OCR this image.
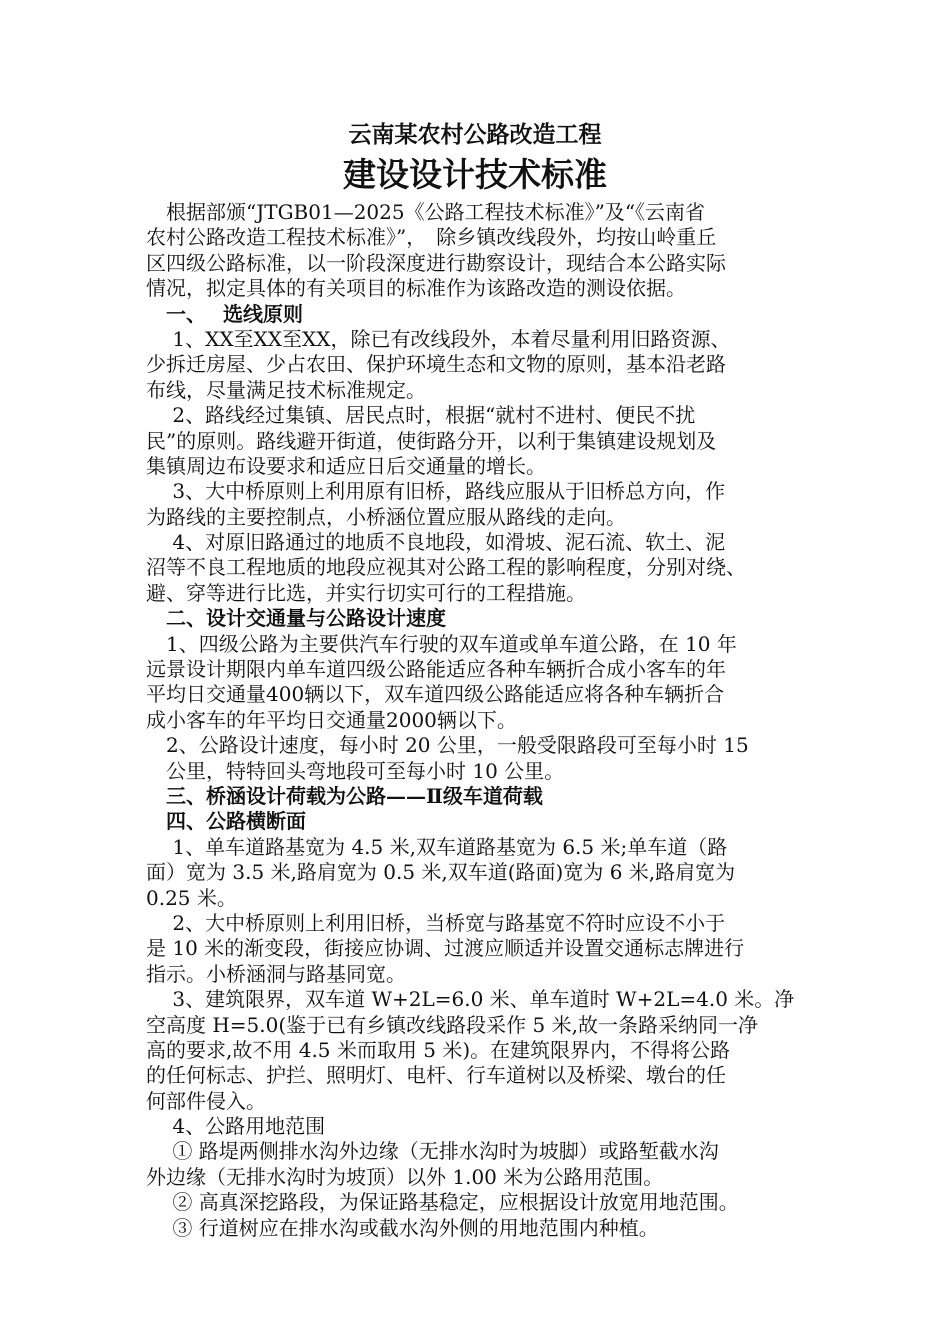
云南某农村公路改造工程
建设设计技术标准
　根据部颁“JTGB01—2025《公路工程技术标准》”及“《云南省
农村公路改造工程技术标准》”，　除乡镇改线段外，均按山岭重丘
区四级公路标准，以一阶段深度进行勘察设计，现结合本公路实际
情况，拟定具体的有关项目的标准作为该路改造的测设依据。
　一、　 选线原则
　 1、XX至XX至XX，除已有改线段外，本着尽量利用旧路资源、
少拆迁房屋、少占农田、保护环境生态和文物的原则，基本沿老路
布线，尽量满足技术标准规定。
　 2、路线经过集镇、居民点时，根据“就村不进村、便民不扰
民”的原则。路线避开街道，使街路分开，以利于集镇建设规划及
集镇周边布设要求和适应日后交通量的增长。
　 3、大中桥原则上利用原有旧桥，路线应服从于旧桥总方向，作
为路线的主要控制点，小桥涵位置应服从路线的走向。
　 4、对原旧路通过的地质不良地段，如滑坡、泥石流、软土、泥
沼等不良工程地质的地段应视其对公路工程的影响程度，分别对绕、
避、穿等进行比选，并实行切实可行的工程措施。
　二、设计交通量与公路设计速度
　1、四级公路为主要供汽车行驶的双车道或单车道公路，在 10 年
远景设计期限内单车道四级公路能适应各种车辆折合成小客车的年
平均日交通量400辆以下，双车道四级公路能适应将各种车辆折合
成小客车的年平均日交通量2000辆以下。
　2、公路设计速度，每小时 20 公里，一般受限路段可至每小时 15
　公里，特特回头弯地段可至每小时 10 公里。
　三、桥涵设计荷载为公路——Ⅱ级车道荷载
　四、公路横断面
　 1、单车道路基宽为 4.5 米,双车道路基宽为 6.5 米;单车道（路
面）宽为 3.5 米,路肩宽为 0.5 米,双车道(路面)宽为 6 米,路肩宽为
0.25 米。
　 2、大中桥原则上利用旧桥，当桥宽与路基宽不符时应设不小于
是 10 米的渐变段，街接应协调、过渡应顺适并设置交通标志牌进行
指示。小桥涵洞与路基同宽。
　 3、建筑限界，双车道 W+2L=6.0 米、单车道时 W+2L=4.0 米。净
空高度 H=5.0(鉴于已有乡镇改线路段采作 5 米,故一条路采纳同一净
高的要求,故不用 4.5 米而取用 5 米)。在建筑限界内，不得将公路
的任何标志、护拦、照明灯、电杆、行车道树以及桥梁、墩台的任
何部件侵入。
　 4、公路用地范围
　 ① 路堤两侧排水沟外边缘（无排水沟时为坡脚）或路堑截水沟
外边缘（无排水沟时为坡顶）以外 1.00 米为公路用范围。
　 ② 高真深挖路段，为保证路基稳定，应根据设计放宽用地范围。
　 ③ 行道树应在排水沟或截水沟外侧的用地范围内种植。
